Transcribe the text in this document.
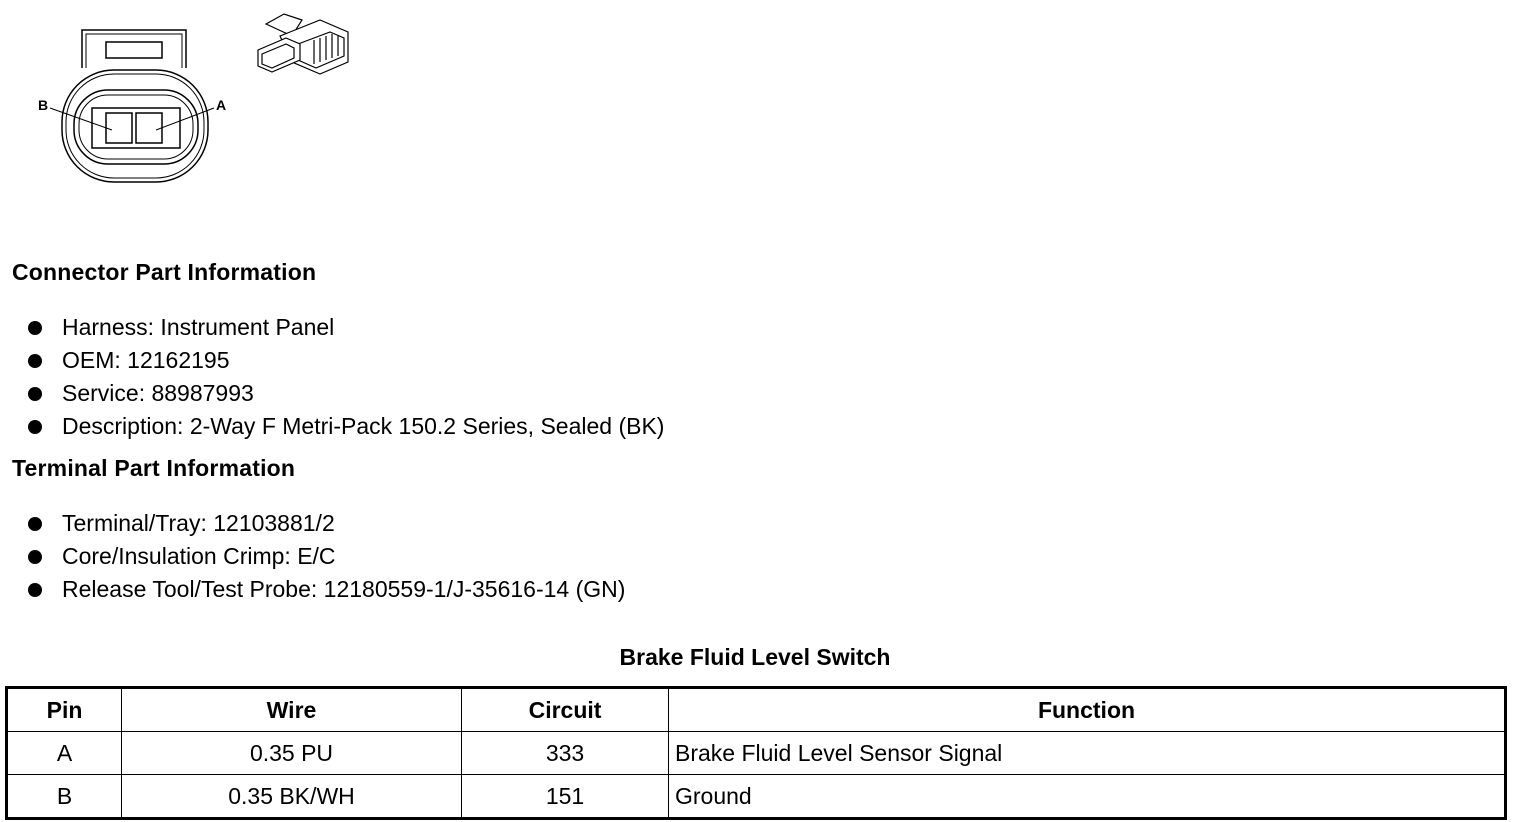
B	A
Connector Part Information
Harness: Instrument Panel
OEM: 12162195
Service: 88987993
Description: 2-Way F Metri-Pack 150.2 Series, Sealed (BK)
Terminal Part Information
Terminal/Tray: 12103881/2
Core/Insulation Crimp: E/C
Release Tool/Test Probe: 12180559-1/J-35616-14 (GN)
Brake Fluid Level Switch
Pin	Wire	Circuit	Function
A	0.35 PU	333	Brake Fluid Level Sensor Signal
B	0.35 BK/WH	151	Ground
